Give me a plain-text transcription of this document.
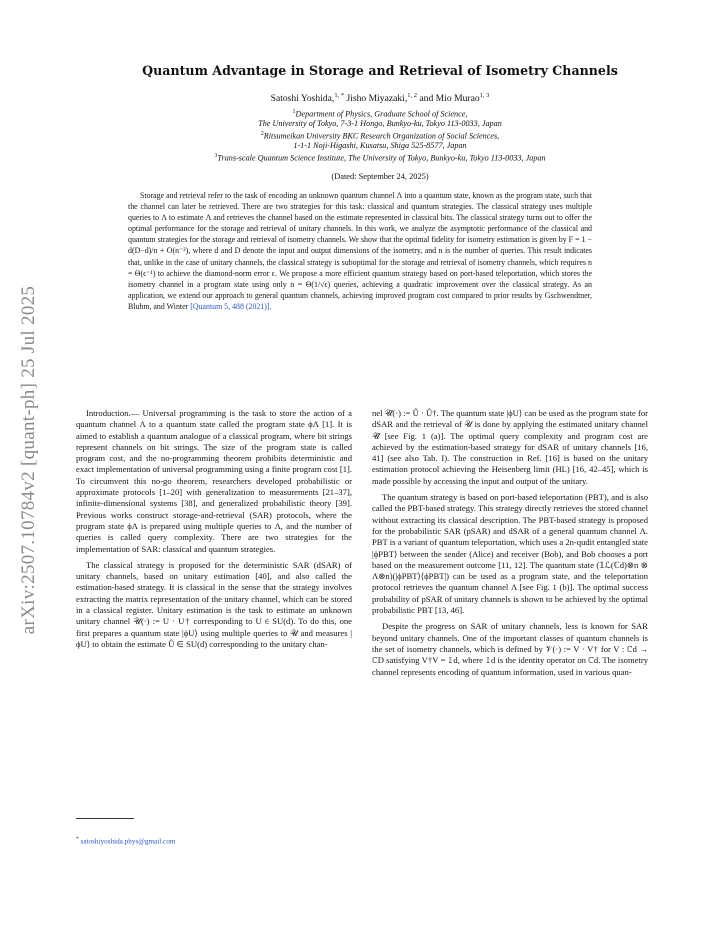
arXiv:2507.10784v2 [quant-ph] 25 Jul 2025
Quantum Advantage in Storage and Retrieval of Isometry Channels
Satoshi Yoshida,$^{1, *}$ Jisho Miyazaki,$^{1, 2}$ and Mio Murao$^{1, 3}$
$^1$Department of Physics, Graduate School of Science,
The University of Tokyo, 7-3-1 Hongo, Bunkyo-ku, Tokyo 113-0033, Japan
$^2$Ritsumeikan University BKC Research Organization of Social Sciences,
1-1-1 Noji-Higashi, Kusatsu, Shiga 525-8577, Japan
$^3$Trans-scale Quantum Science Institute, The University of Tokyo, Bunkyo-ku, Tokyo 113-0033, Japan
(Dated: September 24, 2025)
Storage and retrieval refer to the task of encoding an unknown quantum channel Λ into a quantum state, known as the program state, such that the channel can later be retrieved. There are two strategies for this task: classical and quantum strategies. The classical strategy uses multiple queries to Λ to estimate Λ and retrieves the channel based on the estimate represented in classical bits. The classical strategy turns out to offer the optimal performance for the storage and retrieval of unitary channels. In this work, we analyze the asymptotic performance of the classical and quantum strategies for the storage and retrieval of isometry channels. We show that the optimal fidelity for isometry estimation is given by F = 1 − d(D−d)/n + O(n⁻²), where d and D denote the input and output dimensions of the isometry, and n is the number of queries. This result indicates that, unlike in the case of unitary channels, the classical strategy is suboptimal for the storage and retrieval of isometry channels, which requires n = Θ(ϵ⁻¹) to achieve the diamond-norm error ϵ. We propose a more efficient quantum strategy based on port-based teleportation, which stores the isometry channel in a program state using only n = Θ(1/√ϵ) queries, achieving a quadratic improvement over the classical strategy. As an application, we extend our approach to general quantum channels, achieving improved program cost compared to prior results by Gschwendtner, Bluhm, and Winter [Quantum 5, 488 (2021)].

Introduction.— Universal programming is the task to store the action of a quantum channel Λ to a quantum state called the program state ϕΛ [1]. It is aimed to establish a quantum analogue of a classical program, where bit strings represent channels on bit strings. The size of the program state is called program cost, and the no-programming theorem prohibits deterministic and exact implementation of universal programming using a finite program cost [1]. To circumvent this no-go theorem, researchers developed probabilistic or approximate protocols [1–20] with generalization to measurements [21–37], infinite-dimensional systems [38], and generalized probabilistic theory [39]. Previous works construct storage-and-retrieval (SAR) protocols, where the program state ϕΛ is prepared using multiple queries to Λ, and the number of queries is called query complexity. There are two strategies for the implementation of SAR: classical and quantum strategies.

The classical strategy is proposed for the deterministic SAR (dSAR) of unitary channels, based on unitary estimation [40], and also called the estimation-based strategy. It is classical in the sense that the strategy involves extracting the matrix representation of the unitary channel, which can be stored in a classical register. Unitary estimation is the task to estimate an unknown unitary channel 𝒰(·) := U · U† corresponding to U ∈ SU(d). To do this, one first prepares a quantum state |ϕU⟩ using multiple queries to 𝒰 and measures |ϕU⟩ to obtain the estimate Û ∈ SU(d) corresponding to the unitary chan-

nel 𝒰̂(·) := Û · Û†. The quantum state |ϕU⟩ can be used as the program state for dSAR and the retrieval of 𝒰 is done by applying the estimated unitary channel 𝒰̂ [see Fig. 1 (a)]. The optimal query complexity and program cost are achieved by the estimation-based strategy for dSAR of unitary channels [16, 41] (see also Tab. I). The construction in Ref. [16] is based on the unitary estimation protocol achieving the Heisenberg limit (HL) [16, 42–45], which is made possible by accessing the input and output of the unitary.

The quantum strategy is based on port-based teleportation (PBT), and is also called the PBT-based strategy. This strategy directly retrieves the stored channel without extracting its classical description. The PBT-based strategy is proposed for the probabilistic SAR (pSAR) and dSAR of a general quantum channel Λ. PBT is a variant of quantum teleportation, which uses a 2n-qudit entangled state |ϕPBT⟩ between the sender (Alice) and receiver (Bob), and Bob chooses a port based on the measurement outcome [11, 12]. The quantum state (𝟙ℒ(ℂd)⊗n ⊗ Λ⊗n)(|ϕPBT⟩⟨ϕPBT|) can be used as a program state, and the teleportation protocol retrieves the quantum channel Λ [see Fig. 1 (b)]. The optimal success probability of pSAR of unitary channels is shown to be achieved by the optimal probabilistic PBT [13, 46].

Despite the progress on SAR of unitary channels, less is known for SAR beyond unitary channels. One of the important classes of quantum channels is the set of isometry channels, which is defined by 𝒱(·) := V · V† for V : ℂd → ℂD satisfying V†V = 𝟙d, where 𝟙d is the identity operator on ℂd. The isometry channel represents encoding of quantum information, used in various quan-

* satoshiyoshida.phys@gmail.com
